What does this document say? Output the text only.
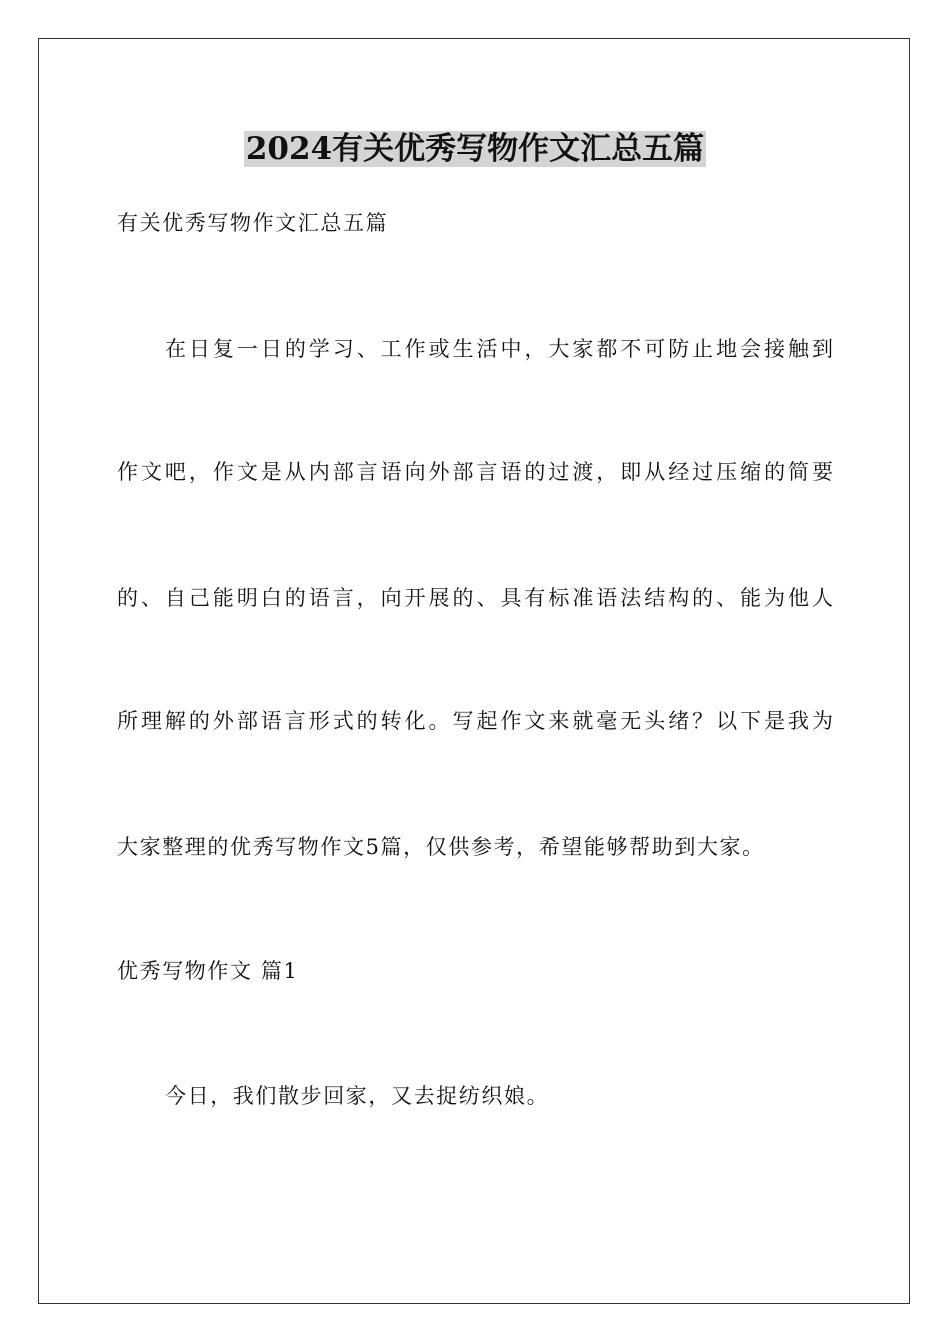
2024有关优秀写物作文汇总五篇
有关优秀写物作文汇总五篇
在日复一日的学习、工作或生活中，大家都不可防止地会接触到
作文吧，作文是从内部言语向外部言语的过渡，即从经过压缩的简要
的、自己能明白的语言，向开展的、具有标准语法结构的、能为他人
所理解的外部语言形式的转化。写起作文来就毫无头绪？以下是我为
大家整理的优秀写物作文5篇，仅供参考，希望能够帮助到大家。
优秀写物作文 篇1
今日，我们散步回家，又去捉纺织娘。
